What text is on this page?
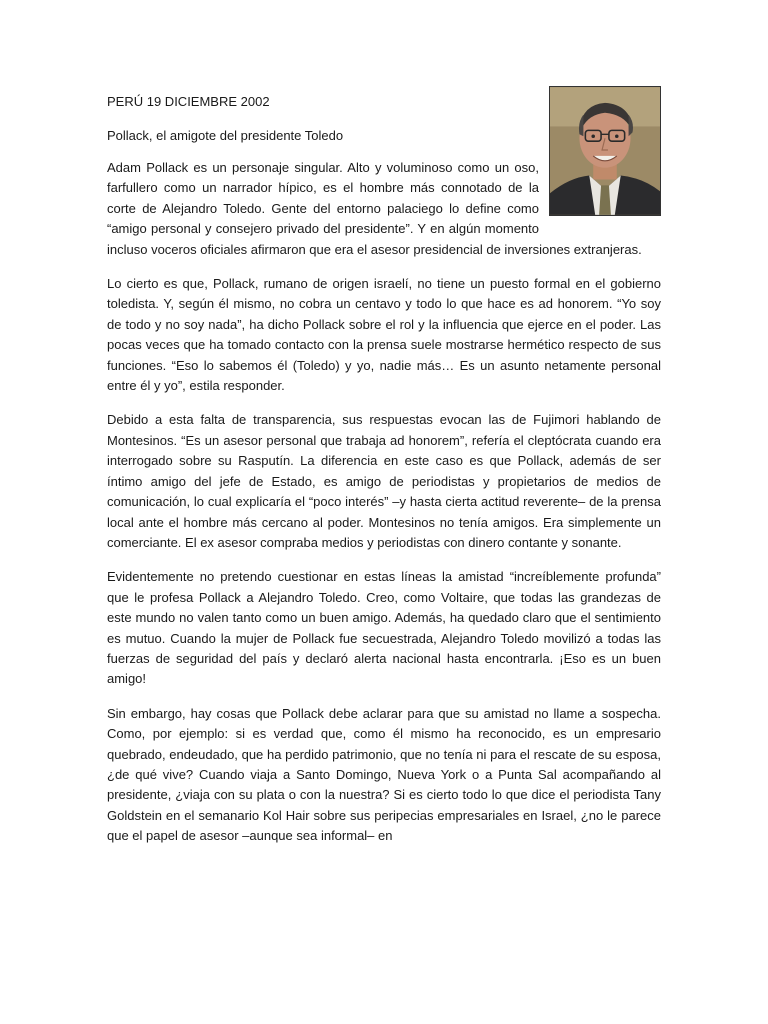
PERÚ 19 DICIEMBRE 2002
Pollack, el amigote del presidente Toledo

Adam Pollack es un personaje singular. Alto y voluminoso como un oso, farfullero como un narrador hípico, es el hombre más connotado de la corte de Alejandro Toledo. Gente del entorno palaciego lo define como “amigo personal y consejero privado del presidente”. Y en algún momento incluso voceros oficiales afirmaron que era el asesor presidencial de inversiones extranjeras.

Lo cierto es que, Pollack, rumano de origen israelí, no tiene un puesto formal en el gobierno toledista. Y, según él mismo, no cobra un centavo y todo lo que hace es ad honorem. “Yo soy de todo y no soy nada”, ha dicho Pollack sobre el rol y la influencia que ejerce en el poder. Las pocas veces que ha tomado contacto con la prensa suele mostrarse hermético respecto de sus funciones. “Eso lo sabemos él (Toledo) y yo, nadie más… Es un asunto netamente personal entre él y yo”, estila responder.

Debido a esta falta de transparencia, sus respuestas evocan las de Fujimori hablando de Montesinos. “Es un asesor personal que trabaja ad honorem”, refería el cleptócrata cuando era interrogado sobre su Rasputín. La diferencia en este caso es que Pollack, además de ser íntimo amigo del jefe de Estado, es amigo de periodistas y propietarios de medios de comunicación, lo cual explicaría el “poco interés” –y hasta cierta actitud reverente– de la prensa local ante el hombre más cercano al poder. Montesinos no tenía amigos. Era simplemente un comerciante. El ex asesor compraba medios y periodistas con dinero contante y sonante.

Evidentemente no pretendo cuestionar en estas líneas la amistad “increíblemente profunda” que le profesa Pollack a Alejandro Toledo. Creo, como Voltaire, que todas las grandezas de este mundo no valen tanto como un buen amigo. Además, ha quedado claro que el sentimiento es mutuo. Cuando la mujer de Pollack fue secuestrada, Alejandro Toledo movilizó a todas las fuerzas de seguridad del país y declaró alerta nacional hasta encontrarla. ¡Eso es un buen amigo!

Sin embargo, hay cosas que Pollack debe aclarar para que su amistad no llame a sospecha. Como, por ejemplo: si es verdad que, como él mismo ha reconocido, es un empresario quebrado, endeudado, que ha perdido patrimonio, que no tenía ni para el rescate de su esposa, ¿de qué vive? Cuando viaja a Santo Domingo, Nueva York o a Punta Sal acompañando al presidente, ¿viaja con su plata o con la nuestra? Si es cierto todo lo que dice el periodista Tany Goldstein en el semanario Kol Hair sobre sus peripecias empresariales en Israel, ¿no le parece que el papel de asesor –aunque sea informal– en
